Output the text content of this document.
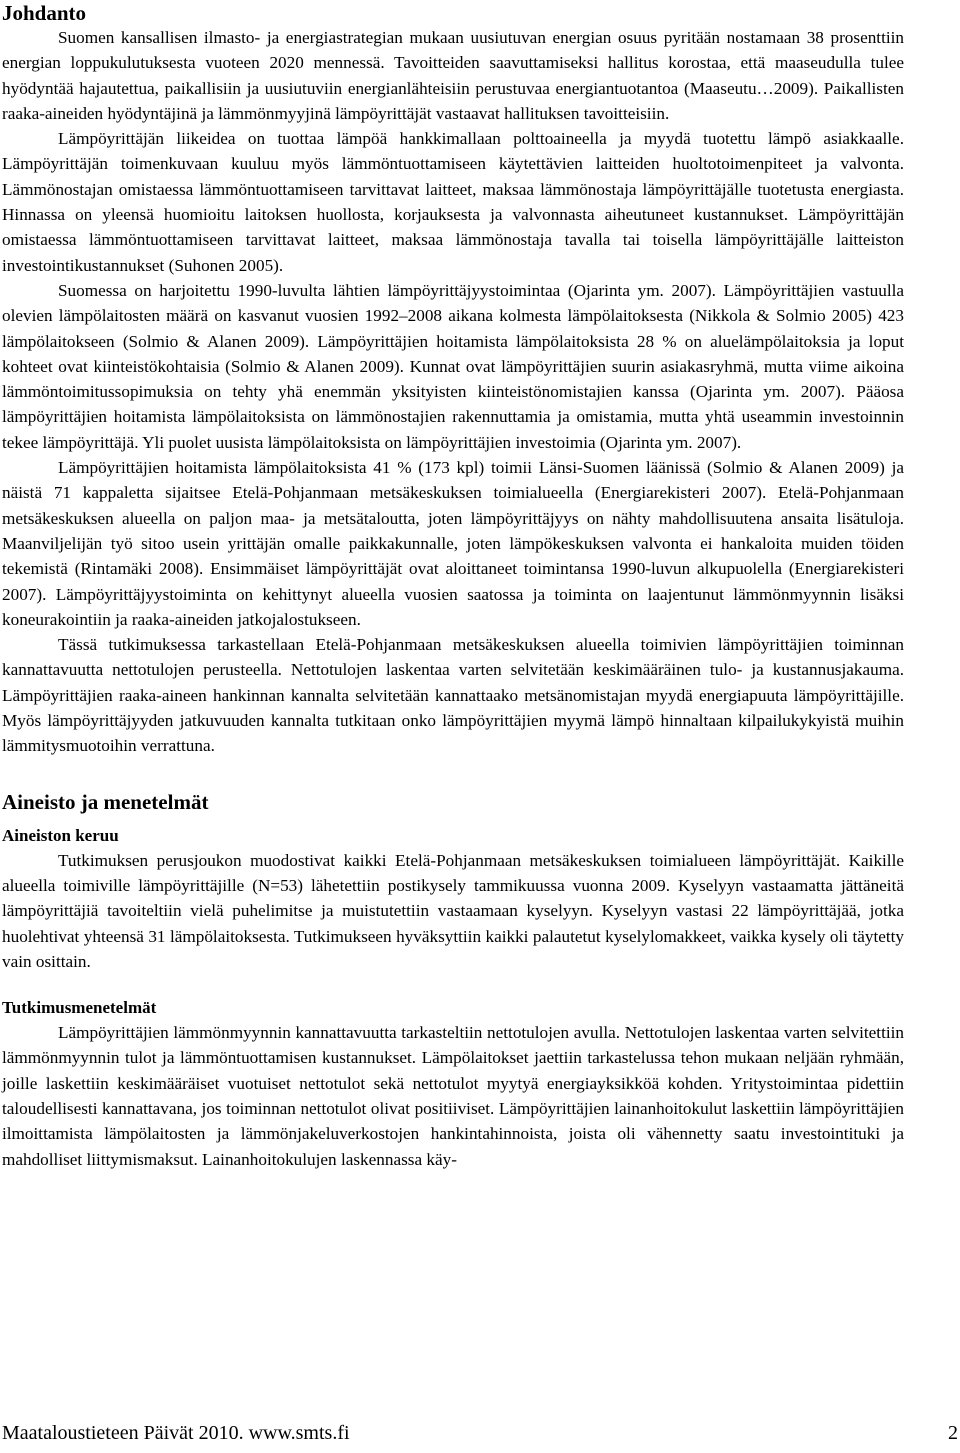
Johdanto

Suomen kansallisen ilmasto- ja energiastrategian mukaan uusiutuvan energian osuus pyritään nostamaan 38 prosenttiin energian loppukulutuksesta vuoteen 2020 mennessä. Tavoitteiden saavuttamiseksi hallitus korostaa, että maaseudulla tulee hyödyntää hajautettua, paikallisiin ja uusiutuviin energianlähteisiin perustuvaa energiantuotantoa (Maaseutu…2009). Paikallisten raaka-aineiden hyödyntäjinä ja lämmönmyyjinä lämpöyrittäjät vastaavat hallituksen tavoitteisiin.

Lämpöyrittäjän liikeidea on tuottaa lämpöä hankkimallaan polttoaineella ja myydä tuotettu lämpö asiakkaalle. Lämpöyrittäjän toimenkuvaan kuuluu myös lämmöntuottamiseen käytettävien laitteiden huoltotoimenpiteet ja valvonta. Lämmönostajan omistaessa lämmöntuottamiseen tarvittavat laitteet, maksaa lämmönostaja lämpöyrittäjälle tuotetusta energiasta. Hinnassa on yleensä huomioitu laitoksen huollosta, korjauksesta ja valvonnasta aiheutuneet kustannukset. Lämpöyrittäjän omistaessa lämmöntuottamiseen tarvittavat laitteet, maksaa lämmönostaja tavalla tai toisella lämpöyrittäjälle laitteiston investointikustannukset (Suhonen 2005).

Suomessa on harjoitettu 1990-luvulta lähtien lämpöyrittäjyystoimintaa (Ojarinta ym. 2007). Lämpöyrittäjien vastuulla olevien lämpölaitosten määrä on kasvanut vuosien 1992–2008 aikana kolmesta lämpölaitoksesta (Nikkola & Solmio 2005) 423 lämpölaitokseen (Solmio & Alanen 2009). Lämpöyrittäjien hoitamista lämpölaitoksista 28 % on aluelämpölaitoksia ja loput kohteet ovat kiinteistökohtaisia (Solmio & Alanen 2009). Kunnat ovat lämpöyrittäjien suurin asiakasryhmä, mutta viime aikoina lämmöntoimitussopimuksia on tehty yhä enemmän yksityisten kiinteistönomistajien kanssa (Ojarinta ym. 2007). Pääosa lämpöyrittäjien hoitamista lämpölaitoksista on lämmönostajien rakennuttamia ja omistamia, mutta yhtä useammin investoinnin tekee lämpöyrittäjä. Yli puolet uusista lämpölaitoksista on lämpöyrittäjien investoimia (Ojarinta ym. 2007).

Lämpöyrittäjien hoitamista lämpölaitoksista 41 % (173 kpl) toimii Länsi-Suomen läänissä (Solmio & Alanen 2009) ja näistä 71 kappaletta sijaitsee Etelä-Pohjanmaan metsäkeskuksen toimialueella (Energiarekisteri 2007). Etelä-Pohjanmaan metsäkeskuksen alueella on paljon maa- ja metsätaloutta, joten lämpöyrittäjyys on nähty mahdollisuutena ansaita lisätuloja. Maanviljelijän työ sitoo usein yrittäjän omalle paikkakunnalle, joten lämpökeskuksen valvonta ei hankaloita muiden töiden tekemistä (Rintamäki 2008). Ensimmäiset lämpöyrittäjät ovat aloittaneet toimintansa 1990-luvun alkupuolella (Energiarekisteri 2007). Lämpöyrittäjyystoiminta on kehittynyt alueella vuosien saatossa ja toiminta on laajentunut lämmönmyynnin lisäksi koneurakointiin ja raaka-aineiden jatkojalostukseen.

Tässä tutkimuksessa tarkastellaan Etelä-Pohjanmaan metsäkeskuksen alueella toimivien lämpöyrittäjien toiminnan kannattavuutta nettotulojen perusteella. Nettotulojen laskentaa varten selvitetään keskimääräinen tulo- ja kustannusjakauma. Lämpöyrittäjien raaka-aineen hankinnan kannalta selvitetään kannattaako metsänomistajan myydä energiapuuta lämpöyrittäjille. Myös lämpöyrittäjyyden jatkuvuuden kannalta tutkitaan onko lämpöyrittäjien myymä lämpö hinnaltaan kilpailukykyistä muihin lämmitysmuotoihin verrattuna.

Aineisto ja menetelmät
Aineiston keruu

Tutkimuksen perusjoukon muodostivat kaikki Etelä-Pohjanmaan metsäkeskuksen toimialueen lämpöyrittäjät. Kaikille alueella toimiville lämpöyrittäjille (N=53) lähetettiin postikysely tammikuussa vuonna 2009. Kyselyyn vastaamatta jättäneitä lämpöyrittäjiä tavoiteltiin vielä puhelimitse ja muistutettiin vastaamaan kyselyyn. Kyselyyn vastasi 22 lämpöyrittäjää, jotka huolehtivat yhteensä 31 lämpölaitoksesta. Tutkimukseen hyväksyttiin kaikki palautetut kyselylomakkeet, vaikka kysely oli täytetty vain osittain.

Tutkimusmenetelmät

Lämpöyrittäjien lämmönmyynnin kannattavuutta tarkasteltiin nettotulojen avulla. Nettotulojen laskentaa varten selvitettiin lämmönmyynnin tulot ja lämmöntuottamisen kustannukset. Lämpölaitokset jaettiin tarkastelussa tehon mukaan neljään ryhmään, joille laskettiin keskimääräiset vuotuiset nettotulot sekä nettotulot myytyä energiayksikköä kohden. Yritystoimintaa pidettiin taloudellisesti kannattavana, jos toiminnan nettotulot olivat positiiviset. Lämpöyrittäjien lainanhoitokulut laskettiin lämpöyrittäjien ilmoittamista lämpölaitosten ja lämmönjakeluverkostojen hankintahinnoista, joista oli vähennetty saatu investointituki ja mahdolliset liittymismaksut. Lainanhoitokulujen laskennassa käy-

Maataloustieteen Päivät 2010. www.smts.fi	2
